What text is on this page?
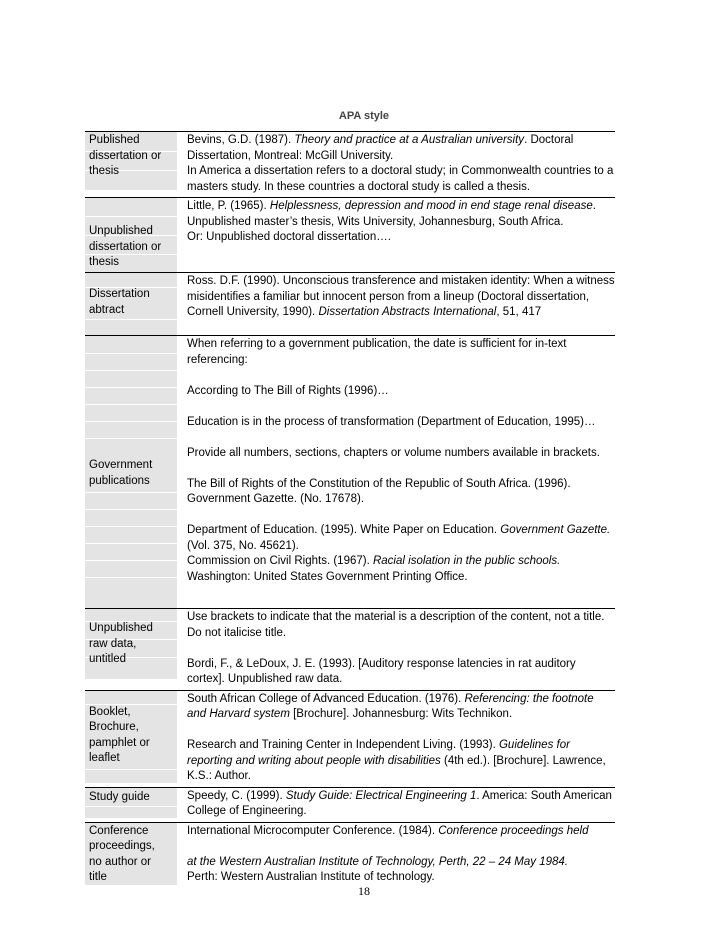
APA style
Published dissertation or thesis

Bevins, G.D. (1987). Theory and practice at a Australian university. Doctoral Dissertation, Montreal: McGill University.

In America a dissertation refers to a doctoral study; in Commonwealth countries to a masters study. In these countries a doctoral study is called a thesis.

Unpublished dissertation or thesis

Little, P. (1965). Helplessness, depression and mood in end stage renal disease. Unpublished master’s thesis, Wits University, Johannesburg, South Africa.

Or: Unpublished doctoral dissertation….

Dissertation abtract

Ross. D.F. (1990). Unconscious transference and mistaken identity: When a witness misidentifies a familiar but innocent person from a lineup (Doctoral dissertation, Cornell University, 1990). Dissertation Abstracts International, 51, 417

Government publications

When referring to a government publication, the date is sufficient for in-text referencing:

According to The Bill of Rights (1996)…

Education is in the process of transformation (Department of Education, 1995)…

Provide all numbers, sections, chapters or volume numbers available in brackets.

The Bill of Rights of the Constitution of the Republic of South Africa. (1996). Government Gazette. (No. 17678).

Department of Education. (1995). White Paper on Education. Government Gazette. (Vol. 375, No. 45621).

Commission on Civil Rights. (1967). Racial isolation in the public schools. Washington: United States Government Printing Office.

Unpublished raw data, untitled

Use brackets to indicate that the material is a description of the content, not a title. Do not italicise title.

Bordi, F., & LeDoux, J. E. (1993). [Auditory response latencies in rat auditory cortex]. Unpublished raw data.

Booklet, Brochure, pamphlet or leaflet

South African College of Advanced Education. (1976). Referencing: the footnote and Harvard system [Brochure]. Johannesburg: Wits Technikon.

Research and Training Center in Independent Living. (1993). Guidelines for reporting and writing about people with disabilities (4th ed.). [Brochure]. Lawrence, K.S.: Author.

Study guide	Speedy, C. (1999). Study Guide: Electrical Engineering 1. America: South American College of Engineering.

Conference proceedings, no author or title

International Microcomputer Conference. (1984). Conference proceedings held

at the Western Australian Institute of Technology, Perth, 22 – 24 May 1984.

Perth: Western Australian Institute of technology.

18
